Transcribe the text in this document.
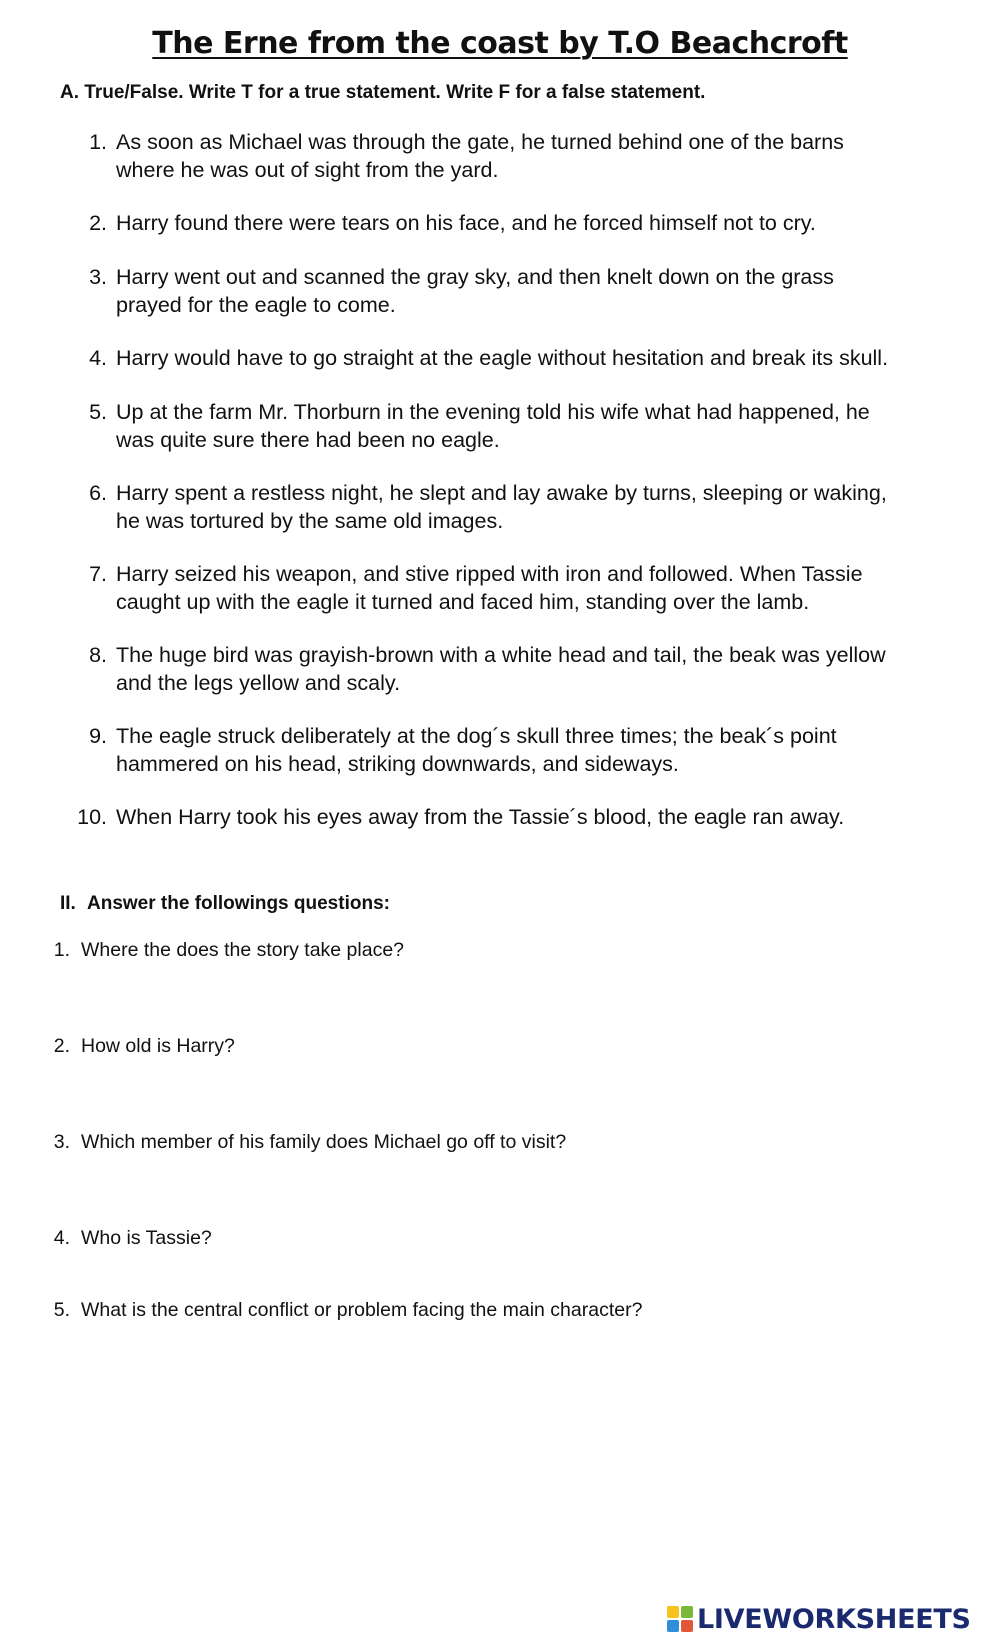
The Erne from the coast by T.O Beachcroft
A. True/False. Write T for a true statement. Write F for a false statement.
1. As soon as Michael was through the gate, he turned behind one of the barns
where he was out of sight from the yard.
2. Harry found there were tears on his face, and he forced himself not to cry.
3. Harry went out and scanned the gray sky, and then knelt down on the grass
prayed for the eagle to come.
4. Harry would have to go straight at the eagle without hesitation and break its skull.
5. Up at the farm Mr. Thorburn in the evening told his wife what had happened, he
was quite sure there had been no eagle.
6. Harry spent a restless night, he slept and lay awake by turns, sleeping or waking,
he was tortured by the same old images.
7. Harry seized his weapon, and stive ripped with iron and followed. When Tassie
caught up with the eagle it turned and faced him, standing over the lamb.
8. The huge bird was grayish-brown with a white head and tail, the beak was yellow
and the legs yellow and scaly.
9. The eagle struck deliberately at the dog´s skull three times; the beak´s point
hammered on his head, striking downwards, and sideways.
10. When Harry took his eyes away from the Tassie´s blood, the eagle ran away.
II. Answer the followings questions:
1. Where the does the story take place?
2. How old is Harry?
3. Which member of his family does Michael go off to visit?
4. Who is Tassie?
5. What is the central conflict or problem facing the main character?
LIVEWORKSHEETS
